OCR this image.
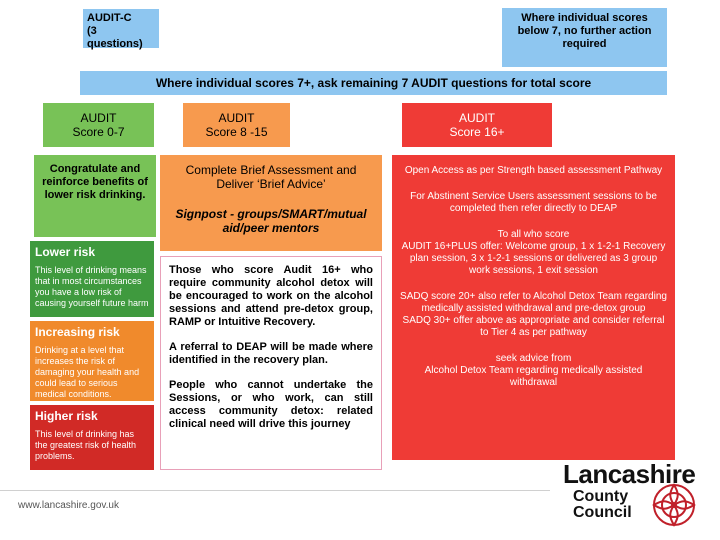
AUDIT-C
(3 questions)
Where individual scores below 7, no further action required
Where individual scores 7+, ask remaining 7 AUDIT questions for total score
AUDIT
Score 0-7
AUDIT
Score 8 -15
AUDIT
Score 16+
Congratulate and reinforce benefits of lower risk drinking.
Complete Brief Assessment and Deliver ‘Brief Advice’
Signpost - groups/SMART/mutual aid/peer mentors

Open Access as per Strength based assessment Pathway

For Abstinent Service Users assessment sessions to be completed then refer directly to DEAP

To all who score
AUDIT 16+PLUS offer: Welcome group, 1 x 1-2-1 Recovery plan session, 3 x 1-2-1 sessions or delivered as 3 group work sessions, 1 exit session

SADQ score 20+ also refer to Alcohol Detox Team regarding medically assisted withdrawal and pre-detox group
SADQ 30+ offer above as appropriate and consider referral to Tier 4 as per pathway

seek advice from
Alcohol Detox Team regarding medically assisted withdrawal

Those who score Audit 16+ who require community alcohol detox will be encouraged to work on the alcohol sessions and attend pre-detox group, RAMP or Intuitive Recovery.

A referral to DEAP will be made where identified in the recovery plan.

People who cannot undertake the Sessions, or who work, can still access community detox: related clinical need will drive this journey

Lower risk
This level of drinking means that in most circumstances you have a low risk of causing yourself future harm
Increasing risk
Drinking at a level that increases the risk of damaging your health and could lead to serious medical conditions.
Higher risk
This level of drinking has the greatest risk of health problems.
www.lancashire.gov.uk
Lancashire
County
Council
